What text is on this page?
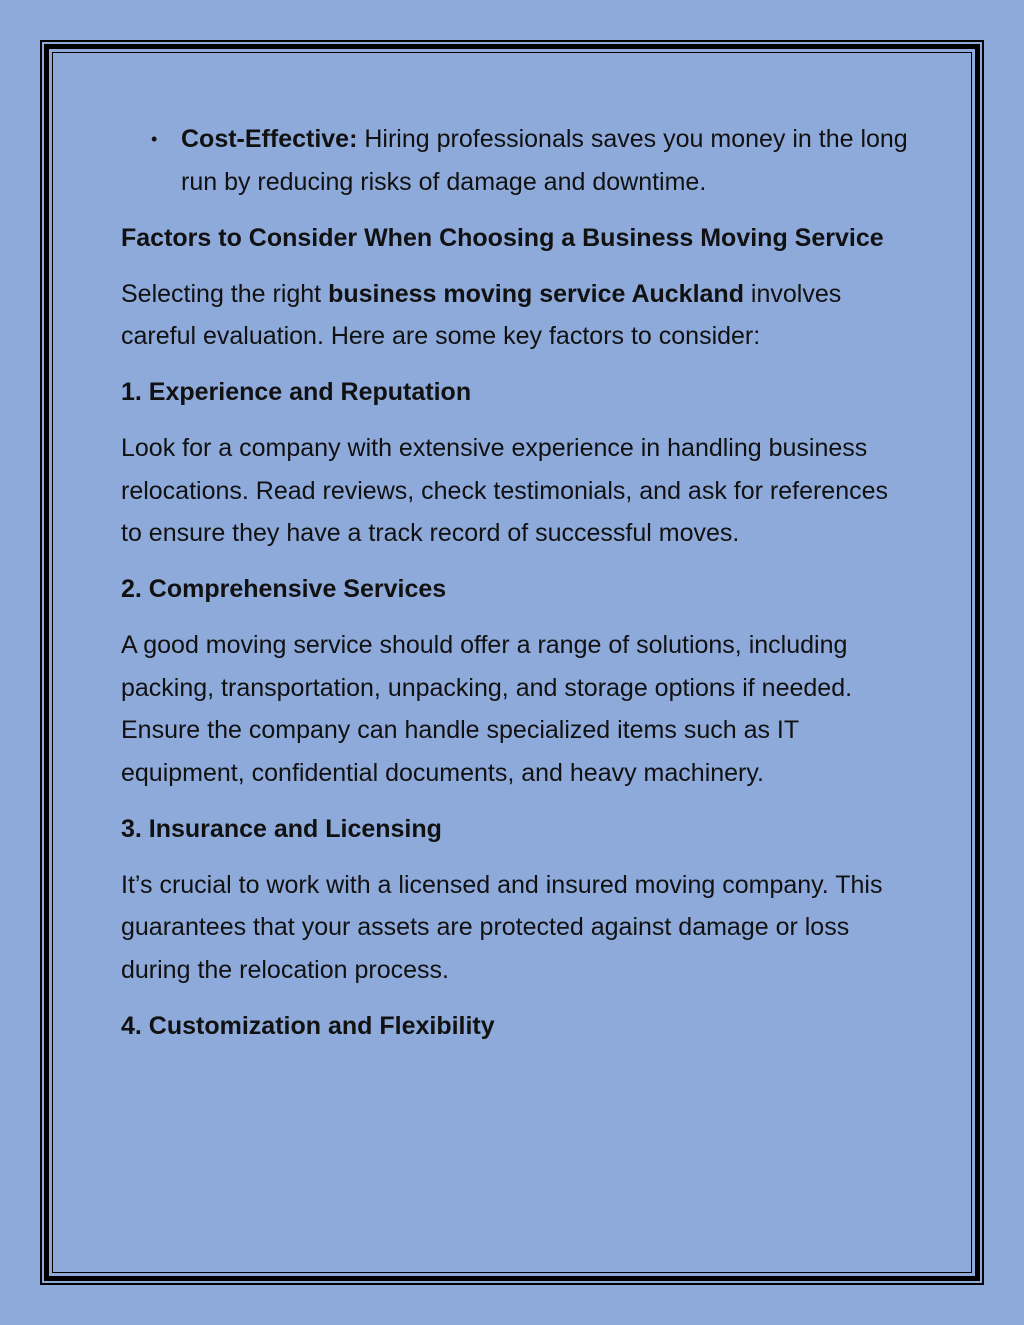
• Cost-Effective: Hiring professionals saves you money in the long run by reducing risks of damage and downtime.
Factors to Consider When Choosing a Business Moving Service

Selecting the right business moving service Auckland involves careful evaluation. Here are some key factors to consider:

1. Experience and Reputation

Look for a company with extensive experience in handling business relocations. Read reviews, check testimonials, and ask for references to ensure they have a track record of successful moves.

2. Comprehensive Services

A good moving service should offer a range of solutions, including packing, transportation, unpacking, and storage options if needed. Ensure the company can handle specialized items such as IT equipment, confidential documents, and heavy machinery.

3. Insurance and Licensing

It’s crucial to work with a licensed and insured moving company. This guarantees that your assets are protected against damage or loss during the relocation process.

4. Customization and Flexibility
